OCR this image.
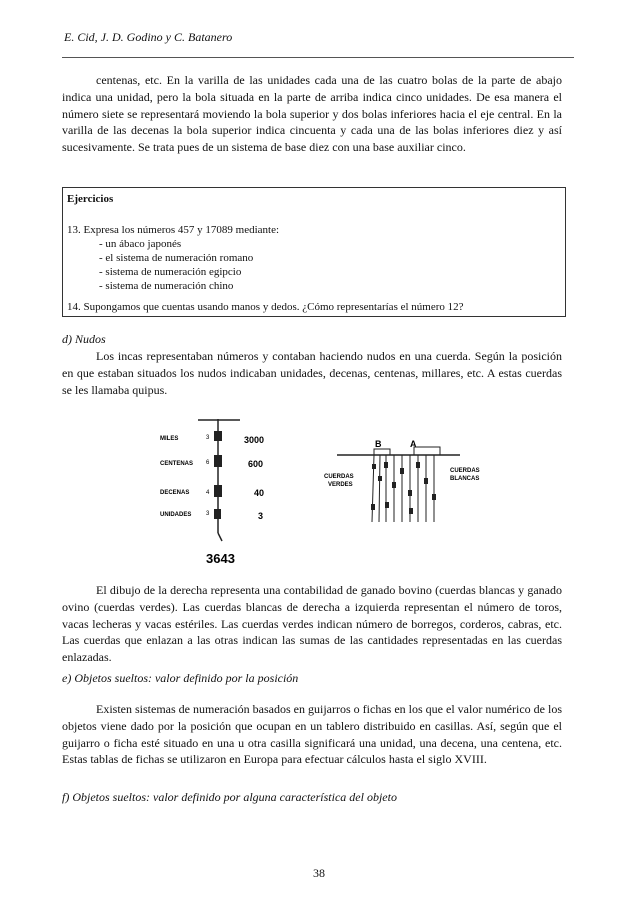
E. Cid, J. D. Godino y C. Batanero
centenas, etc. En la varilla de las unidades cada una de las cuatro bolas de la parte de abajo indica una unidad, pero la bola situada en la parte de arriba indica cinco unidades. De esa manera el número siete se representará moviendo la bola superior y dos bolas inferiores hacia el eje central. En la varilla de las decenas la bola superior indica cincuenta y cada una de las bolas inferiores diez y así sucesivamente. Se trata pues de un sistema de base diez con una base auxiliar cinco.
Ejercicios
13. Expresa los números 457 y 17089 mediante:
- un ábaco japonés
- el sistema de numeración romano
- sistema de numeración egipcio
- sistema de numeración chino
14. Supongamos que cuentas usando manos y dedos. ¿Cómo representarías el número 12?
d) Nudos
Los incas representaban números y contaban haciendo nudos en una cuerda. Según la posición en que estaban situados los nudos indicaban unidades, decenas, centenas, millares, etc. A estas cuerdas se les llamaba quipus.
MILES
CENTENAS
DECENAS
UNIDADES
3
6
4
3
3000
600
40
3
3643
B	A
CUERDAS
VERDES
CUERDAS
BLANCAS
El dibujo de la derecha representa una contabilidad de ganado bovino (cuerdas blancas y ganado ovino (cuerdas verdes). Las cuerdas blancas de derecha a izquierda representan el número de toros, vacas lecheras y vacas estériles. Las cuerdas verdes indican número de borregos, corderos, cabras, etc. Las cuerdas que enlazan a las otras indican las sumas de las cantidades representadas en las cuerdas enlazadas.
e) Objetos sueltos: valor definido por la posición
Existen sistemas de numeración basados en guijarros o fichas en los que el valor numérico de los objetos viene dado por la posición que ocupan en un tablero distribuido en casillas. Así, según que el guijarro o ficha esté situado en una u otra casilla significará una unidad, una decena, una centena, etc. Estas tablas de fichas se utilizaron en Europa para efectuar cálculos hasta el siglo XVIII.
f) Objetos sueltos: valor definido por alguna característica del objeto
38
